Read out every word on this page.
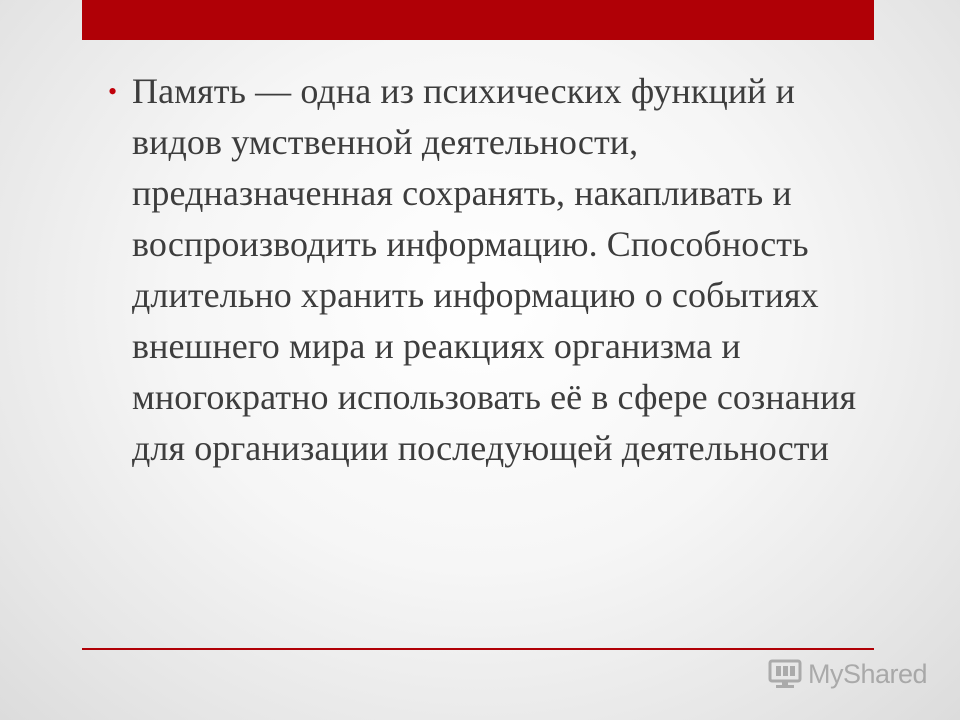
• Память — одна из психических функций и видов умственной деятельности, предназначенная сохранять, накапливать и воспроизводить информацию. Способность длительно хранить информацию о событиях внешнего мира и реакциях организма и многократно использовать её в сфере сознания для организации последующей деятельности
MyShared
